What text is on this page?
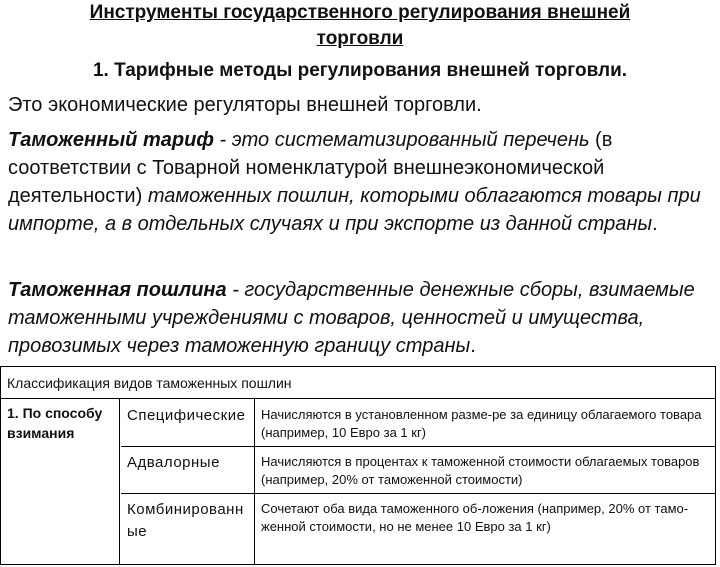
Инструменты государственного регулирования внешней
торговли
1. Тарифные методы регулирования внешней торговли.
Это экономические регуляторы внешней торговли.
Таможенный тариф - это систематизированный перечень (в соответствии с Товарной номенклатурой внешнеэкономической деятельности) таможенных пошлин, которыми облагаются товары при импорте, а в отдельных случаях и при экспорте из данной страны.
Таможенная пошлина - государственные денежные сборы, взимаемые таможенными учреждениями с товаров, ценностей и имущества, провозимых через таможенную границу страны.
Классификация видов таможенных пошлин
1. По способу взимания
Специфические	Начисляются в установленном разме-ре за единицу облагаемого товара (например, 10 Евро за 1 кг)
Адвалорные	Начисляются в процентах к таможенной стоимости облагаемых товаров (например, 20% от таможенной стоимости)
Комбинированные
Сочетают оба вида таможенного об-ложения (например, 20% от тамо-женной стоимости, но не менее 10 Евро за 1 кг)
